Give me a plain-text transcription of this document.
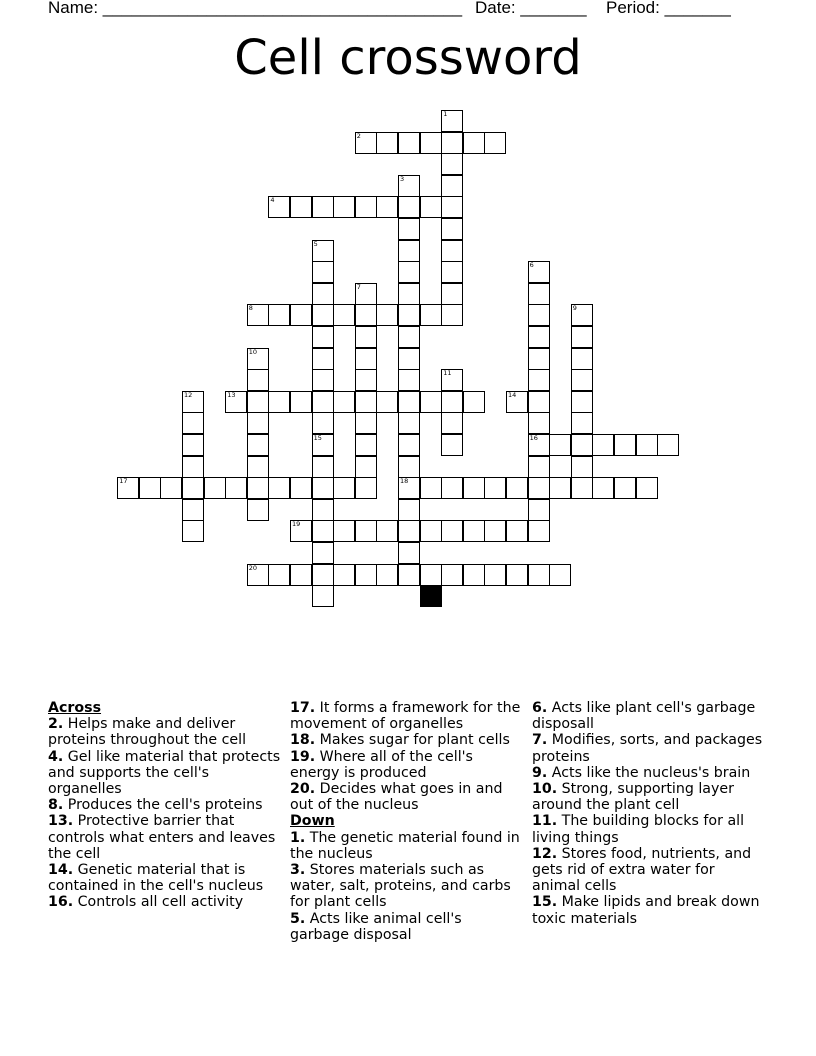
Name: ______________________________________ Date: _______ Period: _______
Cell crossword
1
2
3
18
4
5
15
6
16
7
8	9
10
11
12	13	14
17
19
20
Across
2. Helps make and deliver proteins throughout the cell
4. Gel like material that protects and supports the cell's organelles
8. Produces the cell's proteins
13. Protective barrier that controls what enters and leaves the cell
14. Genetic material that is contained in the cell's nucleus
16. Controls all cell activity
17. It forms a framework for the movement of organelles
18. Makes sugar for plant cells
19. Where all of the cell's energy is produced
20. Decides what goes in and out of the nucleus
Down
1. The genetic material found in the nucleus
3. Stores materials such as water, salt, proteins, and carbs for plant cells
5. Acts like animal cell's garbage disposal
6. Acts like plant cell's garbage disposall
7. Modifies, sorts, and packages proteins
9. Acts like the nucleus's brain
10. Strong, supporting layer around the plant cell
11. The building blocks for all living things
12. Stores food, nutrients, and gets rid of extra water for animal cells
15. Make lipids and break down toxic materials
